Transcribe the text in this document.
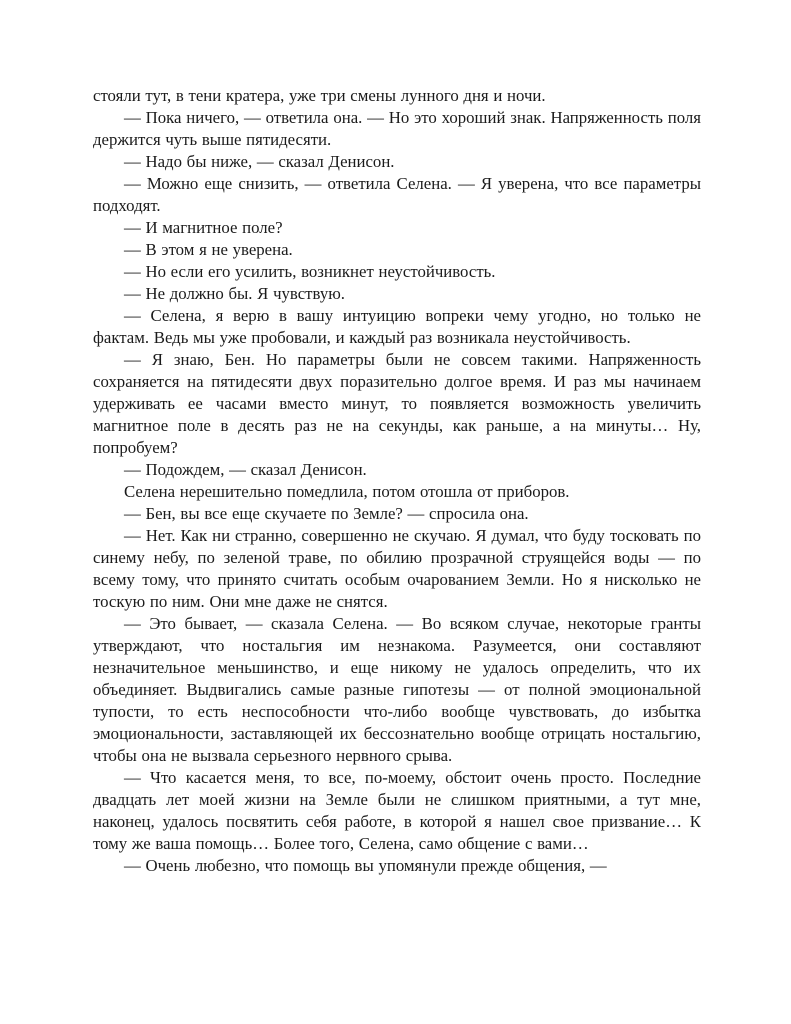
стояли тут, в тени кратера, уже три смены лунного дня и ночи.

— Пока ничего, — ответила она. — Но это хороший знак. Напряженность поля держится чуть выше пятидесяти.

— Надо бы ниже, — сказал Денисон.

— Можно еще снизить, — ответила Селена. — Я уверена, что все параметры подходят.

— И магнитное поле?

— В этом я не уверена.

— Но если его усилить, возникнет неустойчивость.

— Не должно бы. Я чувствую.

— Селена, я верю в вашу интуицию вопреки чему угодно, но только не фактам. Ведь мы уже пробовали, и каждый раз возникала неустойчивость.

— Я знаю, Бен. Но параметры были не совсем такими. Напряженность сохраняется на пятидесяти двух поразительно долгое время. И раз мы начинаем удерживать ее часами вместо минут, то появляется возможность увеличить магнитное поле в десять раз не на секунды, как раньше, а на минуты… Ну, попробуем?

— Подождем, — сказал Денисон.

Селена нерешительно помедлила, потом отошла от приборов.

— Бен, вы все еще скучаете по Земле? — спросила она.

— Нет. Как ни странно, совершенно не скучаю. Я думал, что буду тосковать по синему небу, по зеленой траве, по обилию прозрачной струящейся воды — по всему тому, что принято считать особым очарованием Земли. Но я нисколько не тоскую по ним. Они мне даже не снятся.

— Это бывает, — сказала Селена. — Во всяком случае, некоторые гранты утверждают, что ностальгия им незнакома. Разумеется, они составляют незначительное меньшинство, и еще никому не удалось определить, что их объединяет. Выдвигались самые разные гипотезы — от полной эмоциональной тупости, то есть неспособности что-либо вообще чувствовать, до избытка эмоциональности, заставляющей их бессознательно вообще отрицать ностальгию, чтобы она не вызвала серьезного нервного срыва.

— Что касается меня, то все, по-моему, обстоит очень просто. Последние двадцать лет моей жизни на Земле были не слишком приятными, а тут мне, наконец, удалось посвятить себя работе, в которой я нашел свое призвание… К тому же ваша помощь… Более того, Селена, само общение с вами…

— Очень любезно, что помощь вы упомянули прежде общения, —
